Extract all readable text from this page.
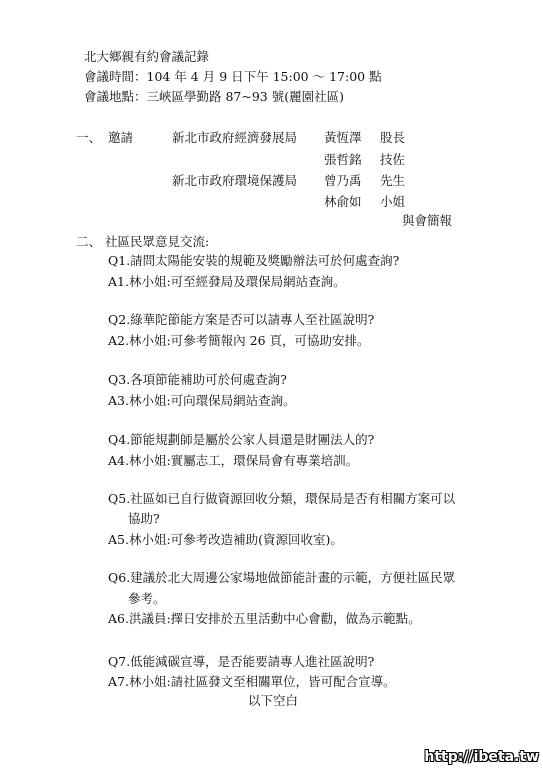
北大鄉親有約會議記錄
會議時間：104 年 4 月 9 日下午 15:00 ～ 17:00 點
會議地點：三峽區學勤路 87~93 號(麗園社區)
一、 邀請	新北市政府經濟發展局 黃恆澤 股長
張哲銘 技佐
新北市政府環境保護局 曾乃禹 先生
林俞如 小姐
與會簡報
二、 社區民眾意見交流:
Q1.請問太陽能安裝的規範及獎勵辦法可於何處查詢?
A1.林小姐:可至經發局及環保局網站查詢。
Q2.綠華陀節能方案是否可以請專人至社區說明?
A2.林小姐:可參考簡報內 26 頁，可協助安排。
Q3.各項節能補助可於何處查詢?
A3.林小姐:可向環保局網站查詢。
Q4.節能規劃師是屬於公家人員還是財團法人的?
A4.林小姐:實屬志工，環保局會有專業培訓。
Q5.社區如已自行做資源回收分類，環保局是否有相關方案可以
協助?
A5.林小姐:可參考改造補助(資源回收室)。
Q6.建議於北大周邊公家場地做節能計畫的示範，方便社區民眾
參考。
A6.洪議員:擇日安排於五里活動中心會勸，做為示範點。
Q7.低能減碳宣導，是否能要請專人進社區說明?
A7.林小姐:請社區發文至相關單位，皆可配合宣導。
以下空白
http://ibeta.tw
